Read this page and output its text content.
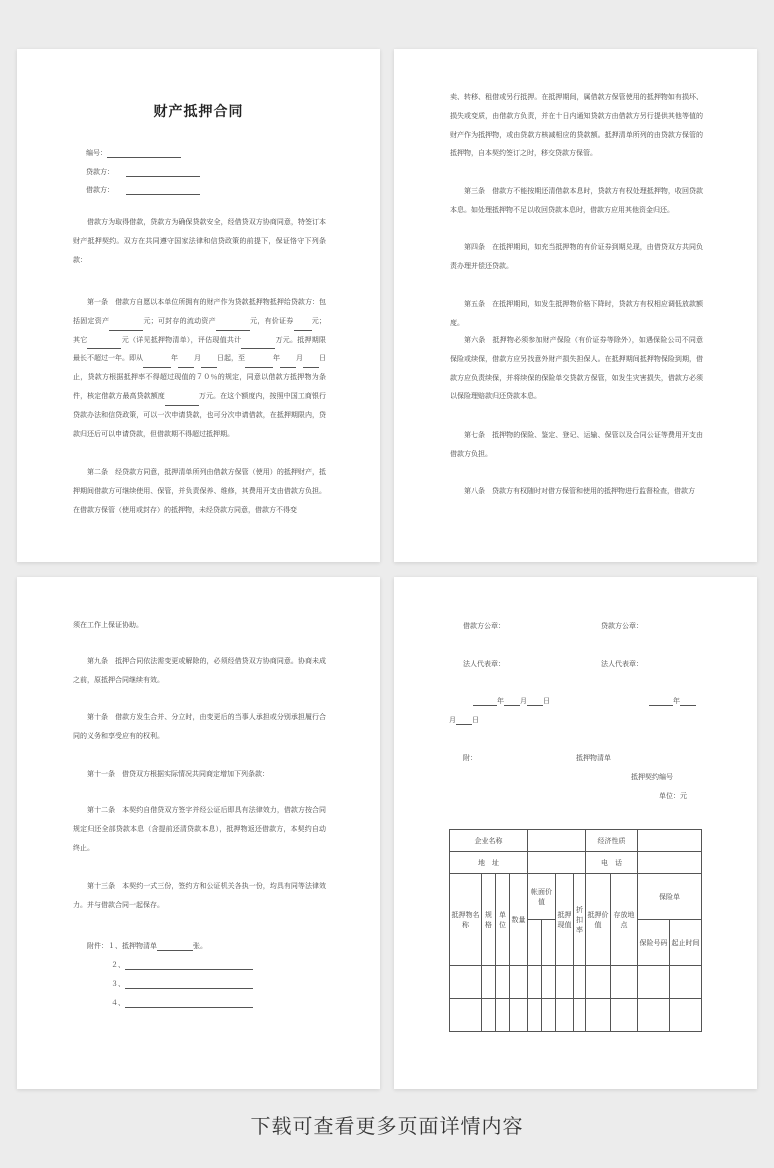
财产抵押合同
编号：
贷款方：
借款方：
借款方为取得借款，贷款方为确保贷款安全，经借贷双方协商同意，特签订本财产抵押契约。双方在共同遵守国家法律和信贷政策的前提下，保证恪守下列条款：
第一条　借款方自愿以本单位所拥有的财产作为贷款抵押物抵押给贷款方：包括固定资产	元；可封存的流动资产	元，有价证券	元；其它	元（详见抵押物清单），评估现值共计	万元。抵押期限最长不超过一年。即从	年 月 日起，至	年 月 日止，贷款方根据抵押率不得超过现值的７０％的规定，同意以借款方抵押物为条件，核定借款方最高贷款额度	万元。在这个额度内，按照中国工商银行贷款办法和信贷政策，可以一次申请贷款，也可分次申请借款，在抵押期限内，贷款归还后可以申请贷款，但借款期不得超过抵押期。
第二条　经贷款方同意，抵押清单所列由借款方保管（使用）的抵押财产，抵押期间借款方可继续使用、保管，并负责保养、维修，其费用开支由借款方负担。 在借款方保管（使用或封存）的抵押物，未经贷款方同意，借款方不得变
卖、转移、租借或另行抵押。在抵押期间，属借款方保管使用的抵押物如有损坏、损失或变质，由借款方负责，并在十日内通知贷款方由借款方另行提供其他等值的财产作为抵押物，或由贷款方核减相应的贷款额。抵押清单所列的由贷款方保管的抵押物，自本契约签订之时，移交贷款方保管。
第三条　借款方不能按期还清借款本息时，贷款方有权处理抵押物，收回贷款本息。如处理抵押物不足以收回贷款本息时，借款方应用其他资金归还。
第四条　在抵押期间，如充当抵押物的有价证券到期兑现，由借贷双方共同负责办理并偿还贷款。
第五条　在抵押期间，如发生抵押物价格下降时，贷款方有权相应调低放款额度。
第六条　抵押物必须参加财产保险（有价证券等除外），如遇保险公司不同意保险或续保，借款方应另找意外财产损失担保人。在抵押期间抵押物保险到期，借款方应负责续保，并将续保的保险单交贷款方保管，如发生灾害损失，借款方必须以保险理赔款归还贷款本息。
第七条　抵押物的保险、鉴定、登记、运输、保管以及合同公证等费用开支由借款方负担。
第八条　贷款方有权随时对借方保管和使用的抵押物进行监督检查，借款方
须在工作上保证协助。
第九条　抵押合同依法需变更或解除的，必须经借贷双方协商同意。协商未成之前，原抵押合同继续有效。
第十条　借款方发生合并、分立时，由变更后的当事人承担或分别承担履行合同的义务和享受应有的权利。
第十一条　借贷双方根据实际情况共同商定增加下列条款：
第十二条　本契约自借贷双方签字并经公证后即具有法律效力，借款方按合同规定归还全部贷款本息（含提前还清贷款本息），抵押物返还借款方，本契约自动终止。
第十三条　本契约一式三份，签约方和公证机关各执一份，均具有同等法律效力。并与借款合同一起保存。
附件：１、抵押物清单	张。
２、
３、
４、
借款方公章：	贷款方公章：
法人代表章：	法人代表章：
年 月 日	年
月 日
附：	抵押物清单
抵押契约编号
单位：元
企业名称								经济性质			
地　址								电　话			
抵押物名称	规格	单位	数量	帐面价值		抵押现值	折扣率	抵押价值	存放地点	保险单	
										保险号码	起止时间

下载可查看更多页面详情内容
